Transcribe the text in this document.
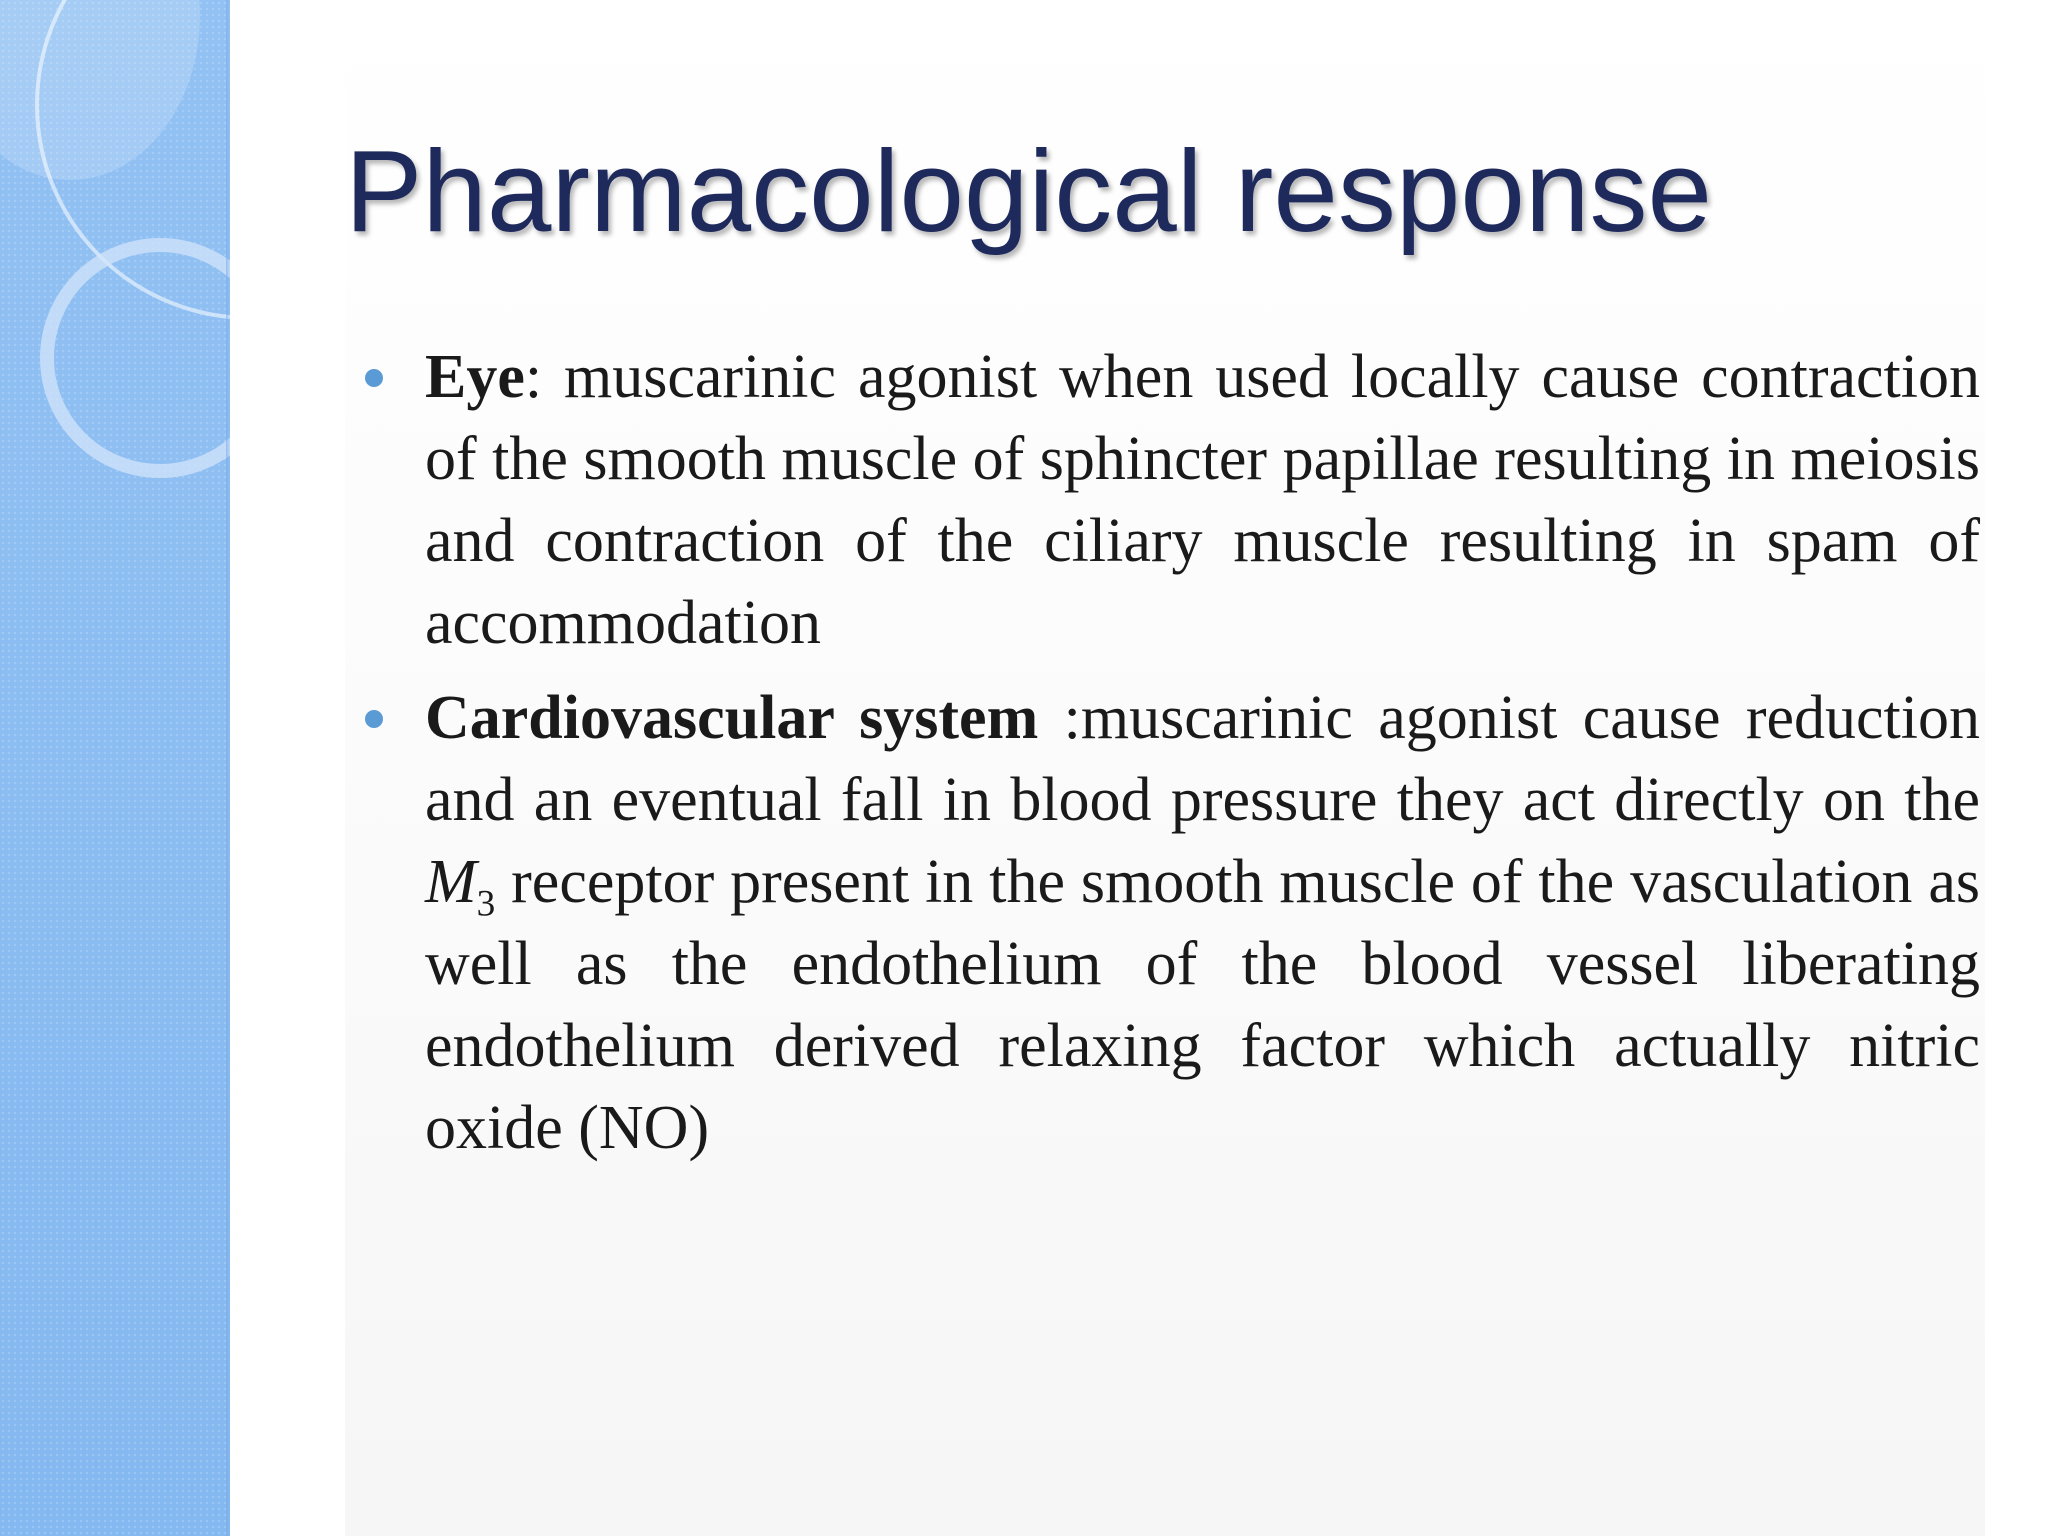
Pharmacological response
Eye: muscarinic agonist when used locally cause contraction of the smooth muscle of sphincter papillae resulting in meiosis and contraction of the ciliary muscle resulting in spam of accommodation
Cardiovascular system :muscarinic agonist cause reduction and an eventual fall in blood pressure they act directly on the $M_3$ receptor present in the smooth muscle of the vasculation as well as the endothelium of the blood vessel liberating endothelium derived relaxing factor which actually nitric oxide (NO)
